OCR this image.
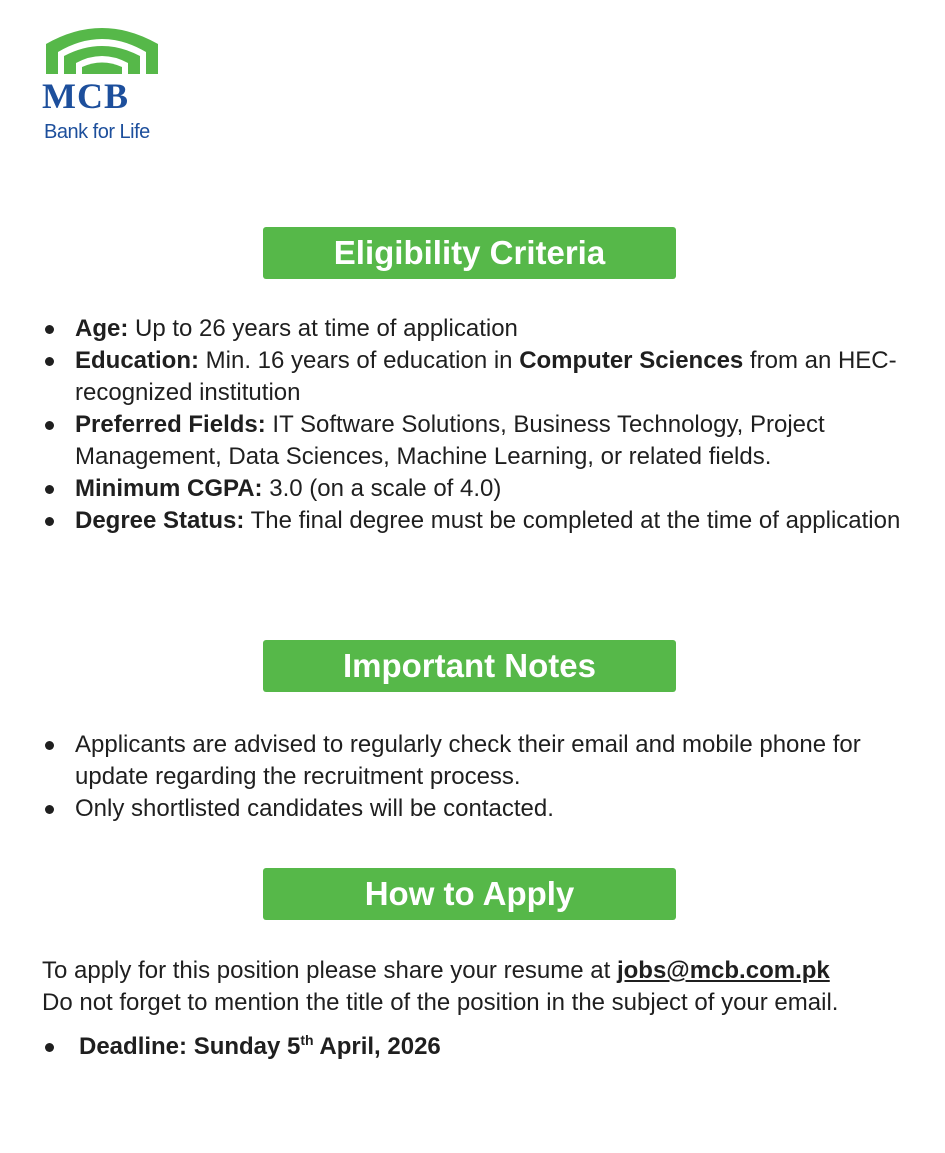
MCB
Bank for Life
Eligibility Criteria
Age: Up to 26 years at time of application
Education: Min. 16 years of education in Computer Sciences from an HEC-recognized institution
Preferred Fields: IT Software Solutions, Business Technology, Project Management, Data Sciences, Machine Learning, or related fields.
Minimum CGPA: 3.0 (on a scale of 4.0)
Degree Status: The final degree must be completed at the time of application
Important Notes
Applicants are advised to regularly check their email and mobile phone for update regarding the recruitment process.
Only shortlisted candidates will be contacted.
How to Apply
To apply for this position please share your resume at jobs@mcb.com.pk
Do not forget to mention the title of the position in the subject of your email.
Deadline: Sunday 5th April, 2026
